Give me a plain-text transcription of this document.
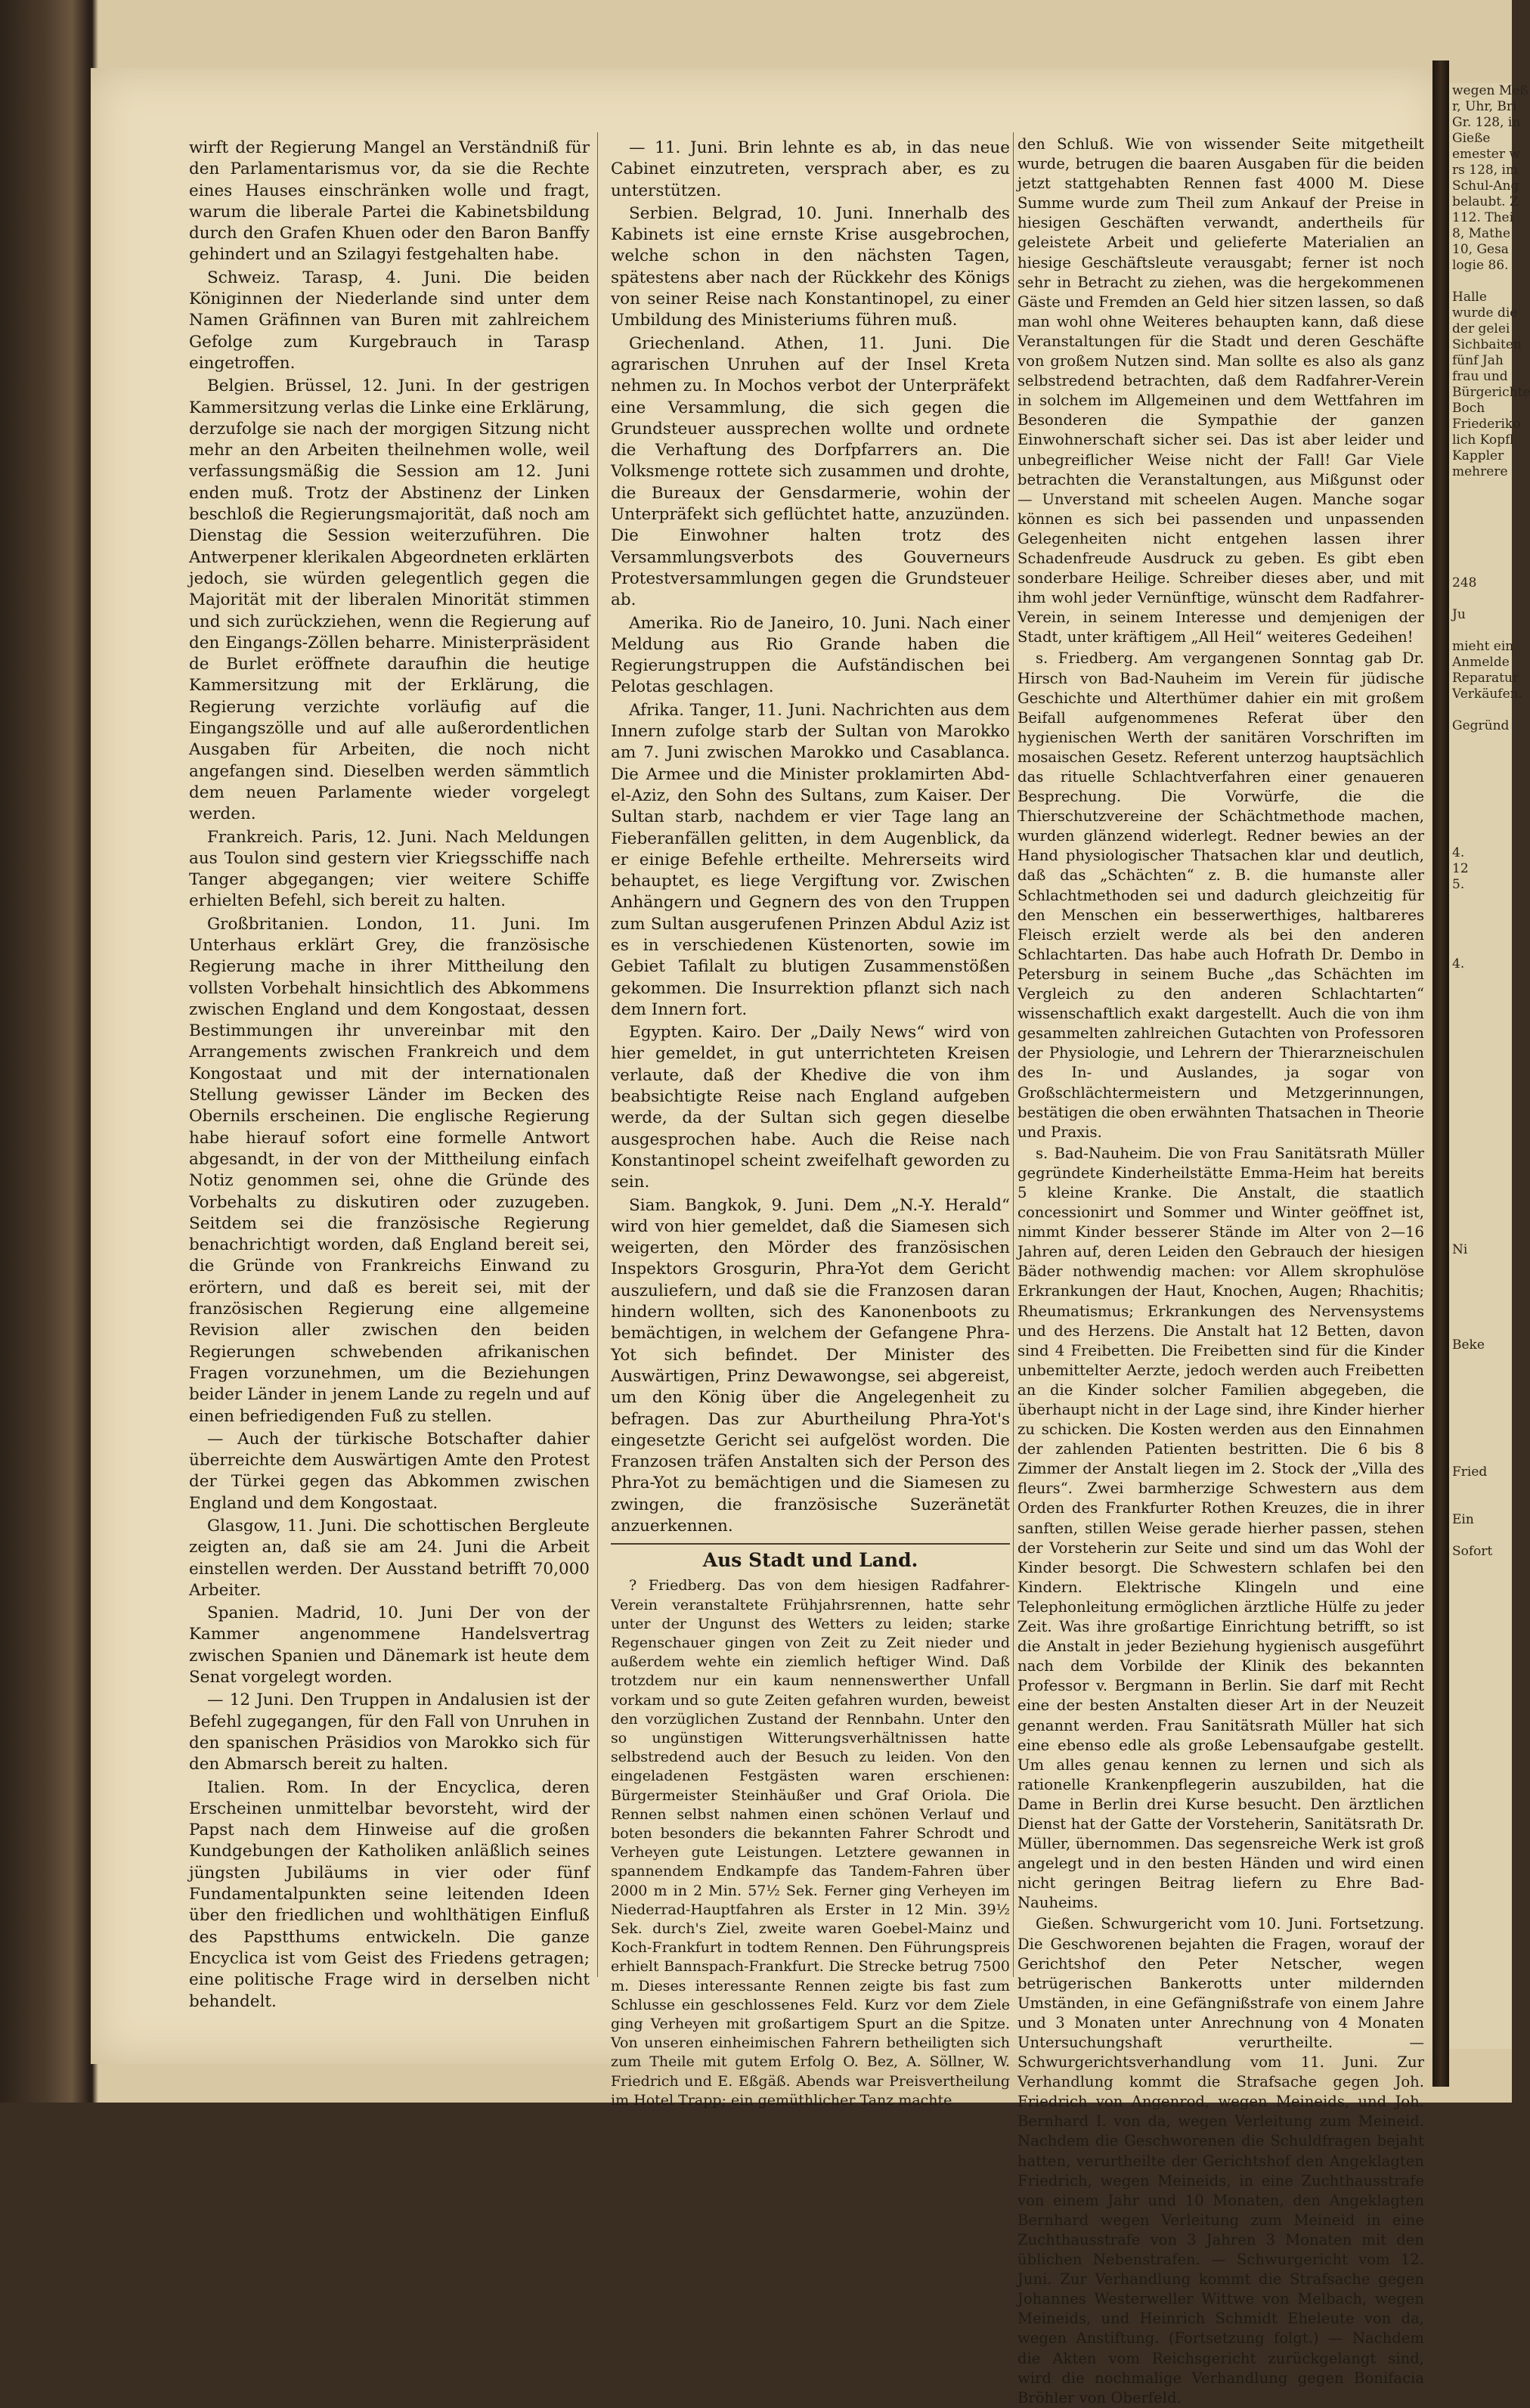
wirft der Regierung Mangel an Verständniß für den Parlamentarismus vor, da sie die Rechte eines Hauses einschränken wolle und fragt, warum die liberale Partei die Kabinetsbildung durch den Grafen Khuen oder den Baron Banffy gehindert und an Szilagyi festgehalten habe.

Schweiz. Tarasp, 4. Juni. Die beiden Königinnen der Niederlande sind unter dem Namen Gräfinnen van Buren mit zahlreichem Gefolge zum Kurgebrauch in Tarasp eingetroffen.

Belgien. Brüssel, 12. Juni. In der gestrigen Kammersitzung verlas die Linke eine Erklärung, derzufolge sie nach der morgigen Sitzung nicht mehr an den Arbeiten theilnehmen wolle, weil verfassungsmäßig die Session am 12. Juni enden muß. Trotz der Abstinenz der Linken beschloß die Regierungsmajorität, daß noch am Dienstag die Session weiterzuführen. Die Antwerpener klerikalen Abgeordneten erklärten jedoch, sie würden gelegentlich gegen die Majorität mit der liberalen Minorität stimmen und sich zurückziehen, wenn die Regierung auf den Eingangs-Zöllen beharre. Ministerpräsident de Burlet eröffnete daraufhin die heutige Kammersitzung mit der Erklärung, die Regierung verzichte vorläufig auf die Eingangszölle und auf alle außerordentlichen Ausgaben für Arbeiten, die noch nicht angefangen sind. Dieselben werden sämmtlich dem neuen Parlamente wieder vorgelegt werden.

Frankreich. Paris, 12. Juni. Nach Meldungen aus Toulon sind gestern vier Kriegsschiffe nach Tanger abgegangen; vier weitere Schiffe erhielten Befehl, sich bereit zu halten.

Großbritanien. London, 11. Juni. Im Unterhaus erklärt Grey, die französische Regierung mache in ihrer Mittheilung den vollsten Vorbehalt hinsichtlich des Abkommens zwischen England und dem Kongostaat, dessen Bestimmungen ihr unvereinbar mit den Arrangements zwischen Frankreich und dem Kongostaat und mit der internationalen Stellung gewisser Länder im Becken des Obernils erscheinen. Die englische Regierung habe hierauf sofort eine formelle Antwort abgesandt, in der von der Mittheilung einfach Notiz genommen sei, ohne die Gründe des Vorbehalts zu diskutiren oder zuzugeben. Seitdem sei die französische Regierung benachrichtigt worden, daß England bereit sei, die Gründe von Frankreichs Einwand zu erörtern, und daß es bereit sei, mit der französischen Regierung eine allgemeine Revision aller zwischen den beiden Regierungen schwebenden afrikanischen Fragen vorzunehmen, um die Beziehungen beider Länder in jenem Lande zu regeln und auf einen befriedigenden Fuß zu stellen.

— Auch der türkische Botschafter dahier überreichte dem Auswärtigen Amte den Protest der Türkei gegen das Abkommen zwischen England und dem Kongostaat.

Glasgow, 11. Juni. Die schottischen Bergleute zeigten an, daß sie am 24. Juni die Arbeit einstellen werden. Der Ausstand betrifft 70,000 Arbeiter.

Spanien. Madrid, 10. Juni Der von der Kammer angenommene Handelsvertrag zwischen Spanien und Dänemark ist heute dem Senat vorgelegt worden.

— 12 Juni. Den Truppen in Andalusien ist der Befehl zugegangen, für den Fall von Unruhen in den spanischen Präsidios von Marokko sich für den Abmarsch bereit zu halten.

Italien. Rom. In der Encyclica, deren Erscheinen unmittelbar bevorsteht, wird der Papst nach dem Hinweise auf die großen Kundgebungen der Katholiken anläßlich seines jüngsten Jubiläums in vier oder fünf Fundamentalpunkten seine leitenden Ideen über den friedlichen und wohlthätigen Einfluß des Papstthums entwickeln. Die ganze Encyclica ist vom Geist des Friedens getragen; eine politische Frage wird in derselben nicht behandelt.

— 11. Juni. Brin lehnte es ab, in das neue Cabinet einzutreten, versprach aber, es zu unterstützen.

Serbien. Belgrad, 10. Juni. Innerhalb des Kabinets ist eine ernste Krise ausgebrochen, welche schon in den nächsten Tagen, spätestens aber nach der Rückkehr des Königs von seiner Reise nach Konstantinopel, zu einer Umbildung des Ministeriums führen muß.

Griechenland. Athen, 11. Juni. Die agrarischen Unruhen auf der Insel Kreta nehmen zu. In Mochos verbot der Unterpräfekt eine Versammlung, die sich gegen die Grundsteuer aussprechen wollte und ordnete die Verhaftung des Dorfpfarrers an. Die Volksmenge rottete sich zusammen und drohte, die Bureaux der Gensdarmerie, wohin der Unterpräfekt sich geflüchtet hatte, anzuzünden. Die Einwohner halten trotz des Versammlungsverbots des Gouverneurs Protestversammlungen gegen die Grundsteuer ab.

Amerika. Rio de Janeiro, 10. Juni. Nach einer Meldung aus Rio Grande haben die Regierungstruppen die Aufständischen bei Pelotas geschlagen.

Afrika. Tanger, 11. Juni. Nachrichten aus dem Innern zufolge starb der Sultan von Marokko am 7. Juni zwischen Marokko und Casablanca. Die Armee und die Minister proklamirten Abd-el-Aziz, den Sohn des Sultans, zum Kaiser. Der Sultan starb, nachdem er vier Tage lang an Fieberanfällen gelitten, in dem Augenblick, da er einige Befehle ertheilte. Mehrerseits wird behauptet, es liege Vergiftung vor. Zwischen Anhängern und Gegnern des von den Truppen zum Sultan ausgerufenen Prinzen Abdul Aziz ist es in verschiedenen Küstenorten, sowie im Gebiet Tafilalt zu blutigen Zusammenstößen gekommen. Die Insurrektion pflanzt sich nach dem Innern fort.

Egypten. Kairo. Der „Daily News“ wird von hier gemeldet, in gut unterrichteten Kreisen verlaute, daß der Khedive die von ihm beabsichtigte Reise nach England aufgeben werde, da der Sultan sich gegen dieselbe ausgesprochen habe. Auch die Reise nach Konstantinopel scheint zweifelhaft geworden zu sein.

Siam. Bangkok, 9. Juni. Dem „N.-Y. Herald“ wird von hier gemeldet, daß die Siamesen sich weigerten, den Mörder des französischen Inspektors Grosgurin, Phra-Yot dem Gericht auszuliefern, und daß sie die Franzosen daran hindern wollten, sich des Kanonenboots zu bemächtigen, in welchem der Gefangene Phra-Yot sich befindet. Der Minister des Auswärtigen, Prinz Dewawongse, sei abgereist, um den König über die Angelegenheit zu befragen. Das zur Aburtheilung Phra-Yot's eingesetzte Gericht sei aufgelöst worden. Die Franzosen träfen Anstalten sich der Person des Phra-Yot zu bemächtigen und die Siamesen zu zwingen, die französische Suzeränetät anzuerkennen.

Aus Stadt und Land.

? Friedberg. Das von dem hiesigen Radfahrer-Verein veranstaltete Frühjahrsrennen, hatte sehr unter der Ungunst des Wetters zu leiden; starke Regenschauer gingen von Zeit zu Zeit nieder und außerdem wehte ein ziemlich heftiger Wind. Daß trotzdem nur ein kaum nennenswerther Unfall vorkam und so gute Zeiten gefahren wurden, beweist den vorzüglichen Zustand der Rennbahn. Unter den so ungünstigen Witterungsverhältnissen hatte selbstredend auch der Besuch zu leiden. Von den eingeladenen Festgästen waren erschienen: Bürgermeister Steinhäußer und Graf Oriola. Die Rennen selbst nahmen einen schönen Verlauf und boten besonders die bekannten Fahrer Schrodt und Verheyen gute Leistungen. Letztere gewannen in spannendem Endkampfe das Tandem-Fahren über 2000 m in 2 Min. 57½ Sek. Ferner ging Verheyen im Niederrad-Hauptfahren als Erster in 12 Min. 39½ Sek. durch's Ziel, zweite waren Goebel-Mainz und Koch-Frankfurt in todtem Rennen. Den Führungspreis erhielt Bannspach-Frankfurt. Die Strecke betrug 7500 m. Dieses interessante Rennen zeigte bis fast zum Schlusse ein geschlossenes Feld. Kurz vor dem Ziele ging Verheyen mit großartigem Spurt an die Spitze. Von unseren einheimischen Fahrern betheiligten sich zum Theile mit gutem Erfolg O. Bez, A. Söllner, W. Friedrich und E. Eßgäß. Abends war Preisvertheilung im Hotel Trapp; ein gemüthlicher Tanz machte

den Schluß. Wie von wissender Seite mitgetheilt wurde, betrugen die baaren Ausgaben für die beiden jetzt stattgehabten Rennen fast 4000 M. Diese Summe wurde zum Theil zum Ankauf der Preise in hiesigen Geschäften verwandt, andertheils für geleistete Arbeit und gelieferte Materialien an hiesige Geschäftsleute verausgabt; ferner ist noch sehr in Betracht zu ziehen, was die hergekommenen Gäste und Fremden an Geld hier sitzen lassen, so daß man wohl ohne Weiteres behaupten kann, daß diese Veranstaltungen für die Stadt und deren Geschäfte von großem Nutzen sind. Man sollte es also als ganz selbstredend betrachten, daß dem Radfahrer-Verein in solchem im Allgemeinen und dem Wettfahren im Besonderen die Sympathie der ganzen Einwohnerschaft sicher sei. Das ist aber leider und unbegreiflicher Weise nicht der Fall! Gar Viele betrachten die Veranstaltungen, aus Mißgunst oder — Unverstand mit scheelen Augen. Manche sogar können es sich bei passenden und unpassenden Gelegenheiten nicht entgehen lassen ihrer Schadenfreude Ausdruck zu geben. Es gibt eben sonderbare Heilige. Schreiber dieses aber, und mit ihm wohl jeder Vernünftige, wünscht dem Radfahrer-Verein, in seinem Interesse und demjenigen der Stadt, unter kräftigem „All Heil“ weiteres Gedeihen!

s. Friedberg. Am vergangenen Sonntag gab Dr. Hirsch von Bad-Nauheim im Verein für jüdische Geschichte und Alterthümer dahier ein mit großem Beifall aufgenommenes Referat über den hygienischen Werth der sanitären Vorschriften im mosaischen Gesetz. Referent unterzog hauptsächlich das rituelle Schlachtverfahren einer genaueren Besprechung. Die Vorwürfe, die die Thierschutzvereine der Schächtmethode machen, wurden glänzend widerlegt. Redner bewies an der Hand physiologischer Thatsachen klar und deutlich, daß das „Schächten“ z. B. die humanste aller Schlachtmethoden sei und dadurch gleichzeitig für den Menschen ein besserwerthiges, haltbareres Fleisch erzielt werde als bei den anderen Schlachtarten. Das habe auch Hofrath Dr. Dembo in Petersburg in seinem Buche „das Schächten im Vergleich zu den anderen Schlachtarten“ wissenschaftlich exakt dargestellt. Auch die von ihm gesammelten zahlreichen Gutachten von Professoren der Physiologie, und Lehrern der Thierarzneischulen des In- und Auslandes, ja sogar von Großschlächtermeistern und Metzgerinnungen, bestätigen die oben erwähnten Thatsachen in Theorie und Praxis.

s. Bad-Nauheim. Die von Frau Sanitätsrath Müller gegründete Kinderheilstätte Emma-Heim hat bereits 5 kleine Kranke. Die Anstalt, die staatlich concessionirt und Sommer und Winter geöffnet ist, nimmt Kinder besserer Stände im Alter von 2—16 Jahren auf, deren Leiden den Gebrauch der hiesigen Bäder nothwendig machen: vor Allem skrophulöse Erkrankungen der Haut, Knochen, Augen; Rhachitis; Rheumatismus; Erkrankungen des Nervensystems und des Herzens. Die Anstalt hat 12 Betten, davon sind 4 Freibetten. Die Freibetten sind für die Kinder unbemittelter Aerzte, jedoch werden auch Freibetten an die Kinder solcher Familien abgegeben, die überhaupt nicht in der Lage sind, ihre Kinder hierher zu schicken. Die Kosten werden aus den Einnahmen der zahlenden Patienten bestritten. Die 6 bis 8 Zimmer der Anstalt liegen im 2. Stock der „Villa des fleurs“. Zwei barmherzige Schwestern aus dem Orden des Frankfurter Rothen Kreuzes, die in ihrer sanften, stillen Weise gerade hierher passen, stehen der Vorsteherin zur Seite und sind um das Wohl der Kinder besorgt. Die Schwestern schlafen bei den Kindern. Elektrische Klingeln und eine Telephonleitung ermöglichen ärztliche Hülfe zu jeder Zeit. Was ihre großartige Einrichtung betrifft, so ist die Anstalt in jeder Beziehung hygienisch ausgeführt nach dem Vorbilde der Klinik des bekannten Professor v. Bergmann in Berlin. Sie darf mit Recht eine der besten Anstalten dieser Art in der Neuzeit genannt werden. Frau Sanitätsrath Müller hat sich eine ebenso edle als große Lebensaufgabe gestellt. Um alles genau kennen zu lernen und sich als rationelle Krankenpflegerin auszubilden, hat die Dame in Berlin drei Kurse besucht. Den ärztlichen Dienst hat der Gatte der Vorsteherin, Sanitätsrath Dr. Müller, übernommen. Das segensreiche Werk ist groß angelegt und in den besten Händen und wird einen nicht geringen Beitrag liefern zu Ehre Bad-Nauheims.

Gießen. Schwurgericht vom 10. Juni. Fortsetzung. Die Geschworenen bejahten die Fragen, worauf der Gerichtshof den Peter Netscher, wegen betrügerischen Bankerotts unter mildernden Umständen, in eine Gefängnißstrafe von einem Jahre und 3 Monaten unter Anrechnung von 4 Monaten Untersuchungshaft verurtheilte. — Schwurgerichtsverhandlung vom 11. Juni. Zur Verhandlung kommt die Strafsache gegen Joh. Friedrich von Angenrod, wegen Meineids, und Joh. Bernhard I. von da, wegen Verleitung zum Meineid. Nachdem die Geschworenen die Schuldfragen bejaht hatten, verurtheilte der Gerichtshof den Angeklagten Friedrich, wegen Meineids, in eine Zuchthausstrafe von einem Jahr und 10 Monaten, den Angeklagten Bernhard wegen Verleitung zum Meineid in eine Zuchthausstrafe von 3 Jahren 3 Monaten mit den üblichen Nebenstrafen. — Schwurgericht vom 12. Juni. Zur Verhandlung kommt die Strafsache gegen Johannes Westerweller Wittwe von Melbach, wegen Meineids, und Heinrich Schmidt Eheleute von da, wegen Anstiftung. (Fortsetzung folgt.) — Nachdem die Akten vom Reichsgericht zurückgelangt sind, wird die nochmalige Verhandlung gegen Bonifacia Bröhler von Oberfeld.

wegen Meß
r, Uhr, Bri
Gr. 128, in
Gieße
emester w
rs 128, im
Schul-Ang
belaubt. Z
112. Thei
8, Mathe
10, Gesa
logie 86.

Halle
wurde die
der gelei
Sichbaiten
fünf Jah
frau und
Bürgerichte
Boch
Friederiko
lich Kopfl
Kappler
mehrere

248

Ju

mieht ein
Anmelde
Reparatur
Verkäufen.

Gegründ

4.
12
5.

4.

Ni

Beke

Fried

Ein

Sofort
